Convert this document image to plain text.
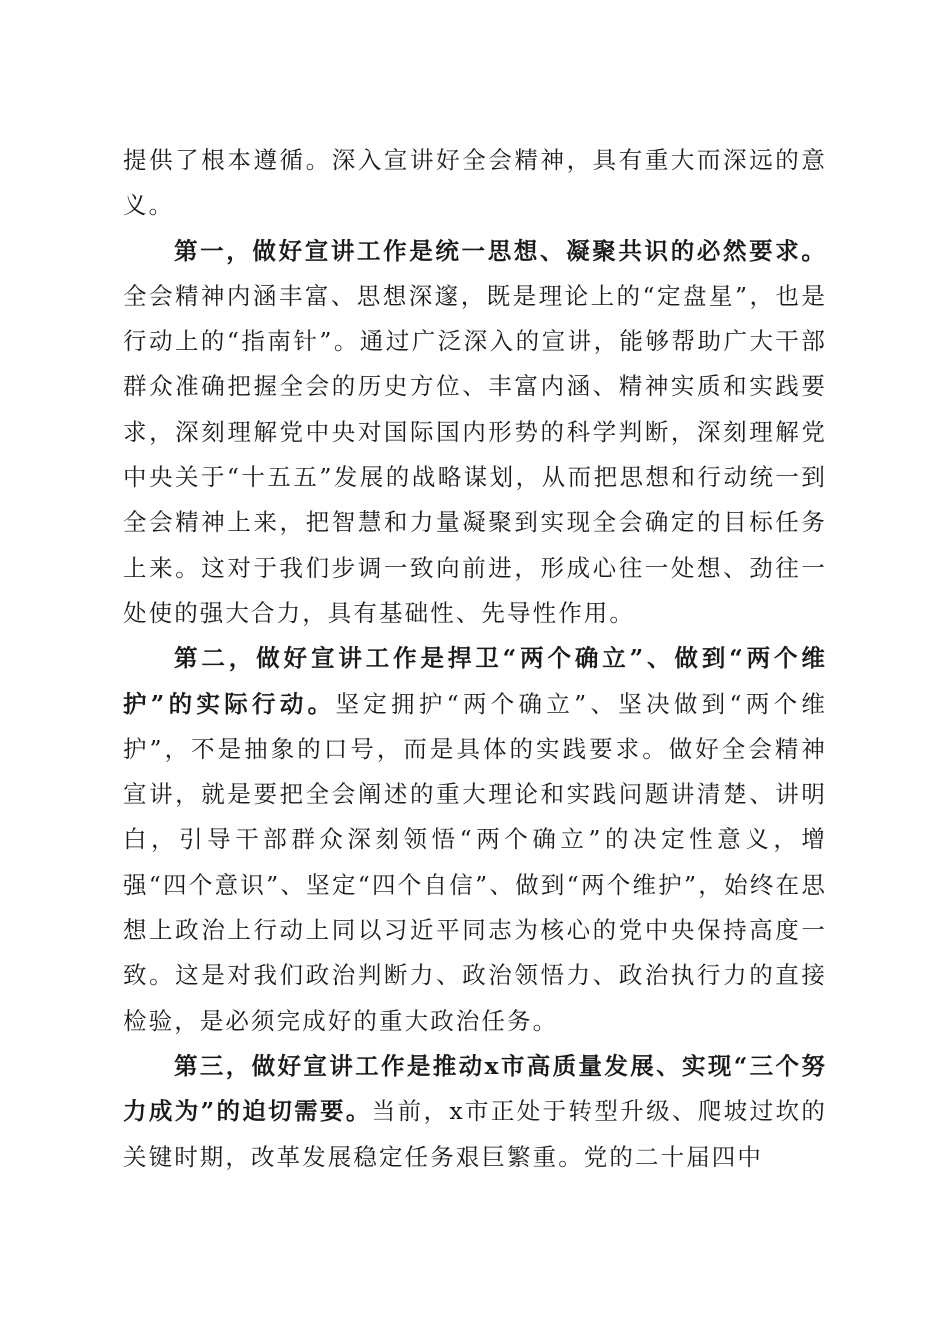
提供了根本遵循。深入宣讲好全会精神，具有重大而深远的意义。

第一，做好宣讲工作是统一思想、凝聚共识的必然要求。全会精神内涵丰富、思想深邃，既是理论上的“定盘星”，也是行动上的“指南针”。通过广泛深入的宣讲，能够帮助广大干部群众准确把握全会的历史方位、丰富内涵、精神实质和实践要求，深刻理解党中央对国际国内形势的科学判断，深刻理解党中央关于“十五五”发展的战略谋划，从而把思想和行动统一到全会精神上来，把智慧和力量凝聚到实现全会确定的目标任务上来。这对于我们步调一致向前进，形成心往一处想、劲往一处使的强大合力，具有基础性、先导性作用。

第二，做好宣讲工作是捍卫“两个确立”、做到“两个维护”的实际行动。坚定拥护“两个确立”、坚决做到“两个维护”，不是抽象的口号，而是具体的实践要求。做好全会精神宣讲，就是要把全会阐述的重大理论和实践问题讲清楚、讲明白，引导干部群众深刻领悟“两个确立”的决定性意义，增强“四个意识”、坚定“四个自信”、做到“两个维护”，始终在思想上政治上行动上同以习近平同志为核心的党中央保持高度一致。这是对我们政治判断力、政治领悟力、政治执行力的直接检验，是必须完成好的重大政治任务。

第三，做好宣讲工作是推动x市高质量发展、实现“三个努力成为”的迫切需要。当前，x市正处于转型升级、爬坡过坎的关键时期，改革发展稳定任务艰巨繁重。党的二十届四中
